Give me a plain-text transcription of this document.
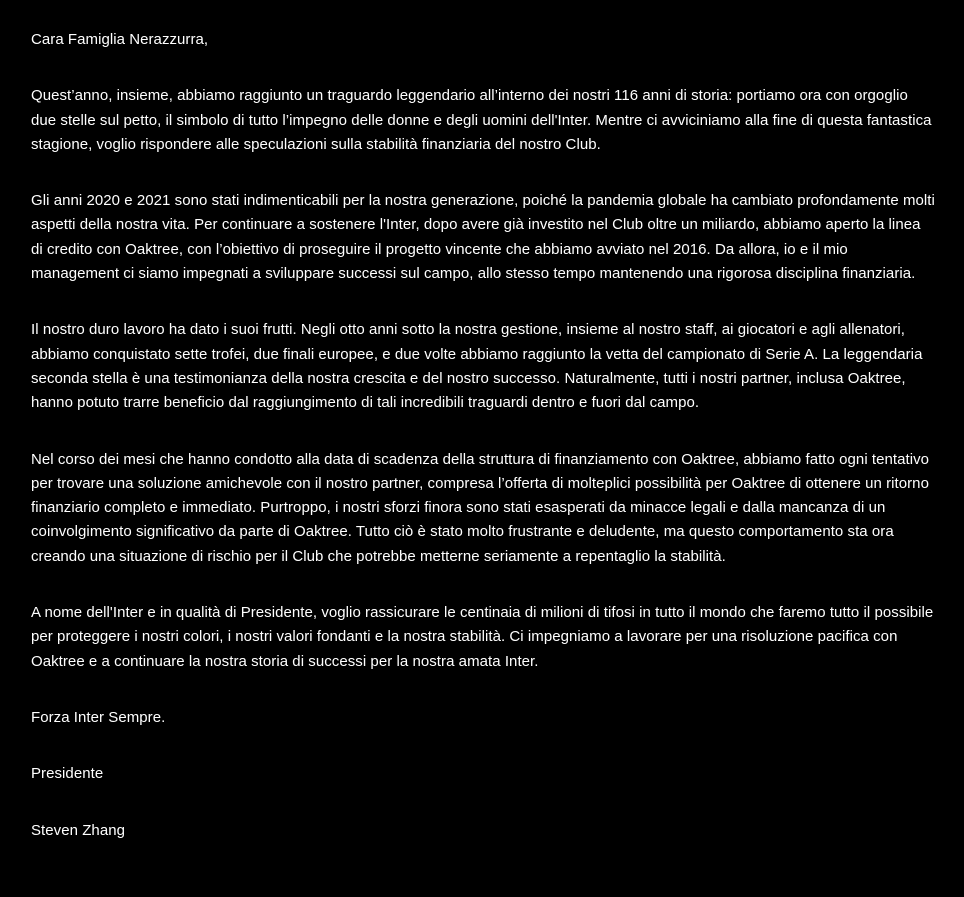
Cara Famiglia Nerazzurra,

Quest’anno, insieme, abbiamo raggiunto un traguardo leggendario all’interno dei nostri 116 anni di storia: portiamo ora con orgoglio due stelle sul petto, il simbolo di tutto l’impegno delle donne e degli uomini dell'Inter. Mentre ci avviciniamo alla fine di questa fantastica stagione, voglio rispondere alle speculazioni sulla stabilità finanziaria del nostro Club.

Gli anni 2020 e 2021 sono stati indimenticabili per la nostra generazione, poiché la pandemia globale ha cambiato profondamente molti aspetti della nostra vita. Per continuare a sostenere l'Inter, dopo avere già investito nel Club oltre un miliardo, abbiamo aperto la linea di credito con Oaktree, con l’obiettivo di proseguire il progetto vincente che abbiamo avviato nel 2016. Da allora, io e il mio management ci siamo impegnati a sviluppare successi sul campo, allo stesso tempo mantenendo una rigorosa disciplina finanziaria.

Il nostro duro lavoro ha dato i suoi frutti. Negli otto anni sotto la nostra gestione, insieme al nostro staff, ai giocatori e agli allenatori, abbiamo conquistato sette trofei, due finali europee, e due volte abbiamo raggiunto la vetta del campionato di Serie A. La leggendaria seconda stella è una testimonianza della nostra crescita e del nostro successo. Naturalmente, tutti i nostri partner, inclusa Oaktree, hanno potuto trarre beneficio dal raggiungimento di tali incredibili traguardi dentro e fuori dal campo.

Nel corso dei mesi che hanno condotto alla data di scadenza della struttura di finanziamento con Oaktree, abbiamo fatto ogni tentativo per trovare una soluzione amichevole con il nostro partner, compresa l’offerta di molteplici possibilità per Oaktree di ottenere un ritorno finanziario completo e immediato. Purtroppo, i nostri sforzi finora sono stati esasperati da minacce legali e dalla mancanza di un coinvolgimento significativo da parte di Oaktree. Tutto ciò è stato molto frustrante e deludente, ma questo comportamento sta ora creando una situazione di rischio per il Club che potrebbe metterne seriamente a repentaglio la stabilità.

A nome dell'Inter e in qualità di Presidente, voglio rassicurare le centinaia di milioni di tifosi in tutto il mondo che faremo tutto il possibile per proteggere i nostri colori, i nostri valori fondanti e la nostra stabilità. Ci impegniamo a lavorare per una risoluzione pacifica con Oaktree e a continuare la nostra storia di successi per la nostra amata Inter.

Forza Inter Sempre.

Presidente

Steven Zhang
